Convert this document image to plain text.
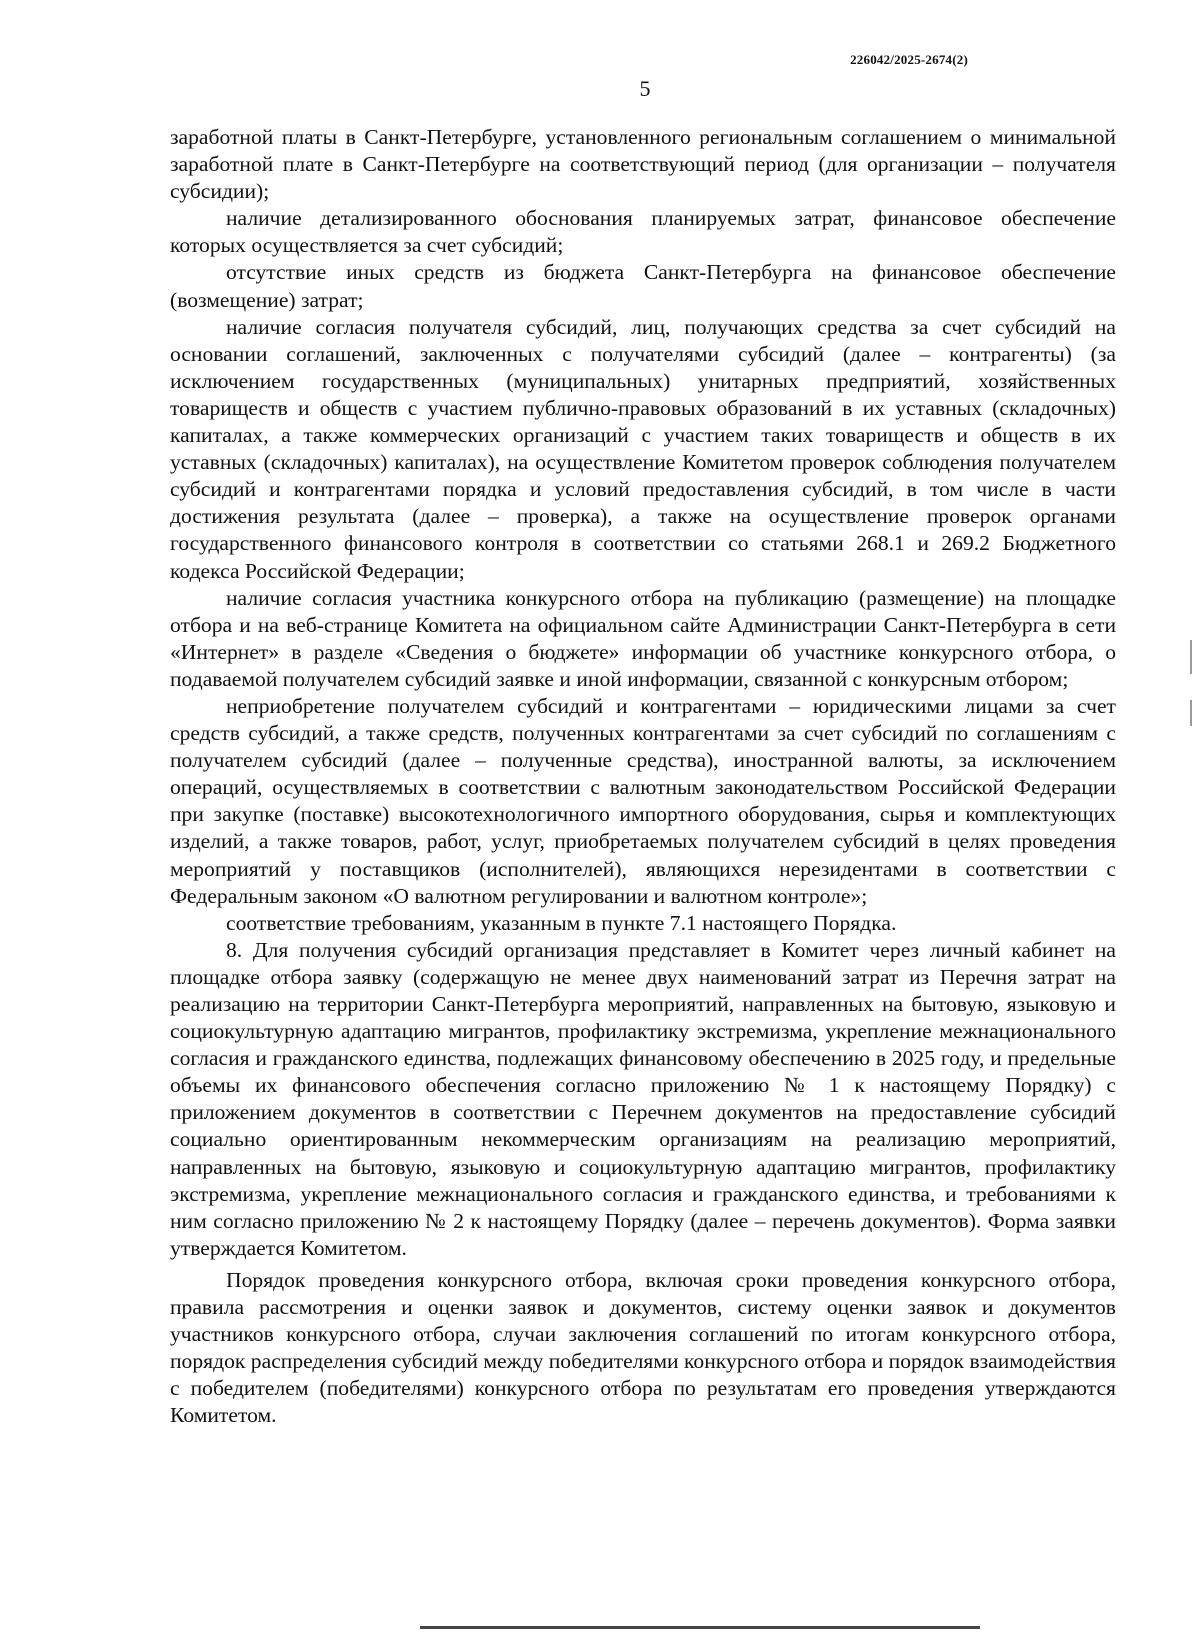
226042/2025-2674(2)
5

заработной платы в Санкт-Петербурге, установленного региональным соглашением о минимальной заработной плате в Санкт-Петербурге на соответствующий период (для организации – получателя субсидии);

наличие детализированного обоснования планируемых затрат, финансовое обеспечение которых осуществляется за счет субсидий;

отсутствие иных средств из бюджета Санкт-Петербурга на финансовое обеспечение (возмещение) затрат;

наличие согласия получателя субсидий, лиц, получающих средства за счет субсидий на основании соглашений, заключенных с получателями субсидий (далее – контрагенты) (за исключением государственных (муниципальных) унитарных предприятий, хозяйственных товариществ и обществ с участием публично-правовых образований в их уставных (складочных) капиталах, а также коммерческих организаций с участием таких товариществ и обществ в их уставных (складочных) капиталах), на осуществление Комитетом проверок соблюдения получателем субсидий и контрагентами порядка и условий предоставления субсидий, в том числе в части достижения результата (далее – проверка), а также на осуществление проверок органами государственного финансового контроля в соответствии со статьями 268.1 и 269.2 Бюджетного кодекса Российской Федерации;

наличие согласия участника конкурсного отбора на публикацию (размещение) на площадке отбора и на веб-странице Комитета на официальном сайте Администрации Санкт-Петербурга в сети «Интернет» в разделе «Сведения о бюджете» информации об участнике конкурсного отбора, о подаваемой получателем субсидий заявке и иной информации, связанной с конкурсным отбором;

неприобретение получателем субсидий и контрагентами – юридическими лицами за счет средств субсидий, а также средств, полученных контрагентами за счет субсидий по соглашениям с получателем субсидий (далее – полученные средства), иностранной валюты, за исключением операций, осуществляемых в соответствии с валютным законодательством Российской Федерации при закупке (поставке) высокотехнологичного импортного оборудования, сырья и комплектующих изделий, а также товаров, работ, услуг, приобретаемых получателем субсидий в целях проведения мероприятий у поставщиков (исполнителей), являющихся нерезидентами в соответствии с Федеральным законом «О валютном регулировании и валютном контроле»;

соответствие требованиям, указанным в пункте 7.1 настоящего Порядка.

8. Для получения субсидий организация представляет в Комитет через личный кабинет на площадке отбора заявку (содержащую не менее двух наименований затрат из Перечня затрат на реализацию на территории Санкт-Петербурга мероприятий, направленных на бытовую, языковую и социокультурную адаптацию мигрантов, профилактику экстремизма, укрепление межнационального согласия и гражданского единства, подлежащих финансовому обеспечению в 2025 году, и предельные объемы их финансового обеспечения согласно приложению № 1 к настоящему Порядку) с приложением документов в соответствии с Перечнем документов на предоставление субсидий социально ориентированным некоммерческим организациям на реализацию мероприятий, направленных на бытовую, языковую и социокультурную адаптацию мигрантов, профилактику экстремизма, укрепление межнационального согласия и гражданского единства, и требованиями к ним согласно приложению № 2 к настоящему Порядку (далее – перечень документов). Форма заявки утверждается Комитетом.

Порядок проведения конкурсного отбора, включая сроки проведения конкурсного отбора, правила рассмотрения и оценки заявок и документов, систему оценки заявок и документов участников конкурсного отбора, случаи заключения соглашений по итогам конкурсного отбора, порядок распределения субсидий между победителями конкурсного отбора и порядок взаимодействия с победителем (победителями) конкурсного отбора по результатам его проведения утверждаются Комитетом.
